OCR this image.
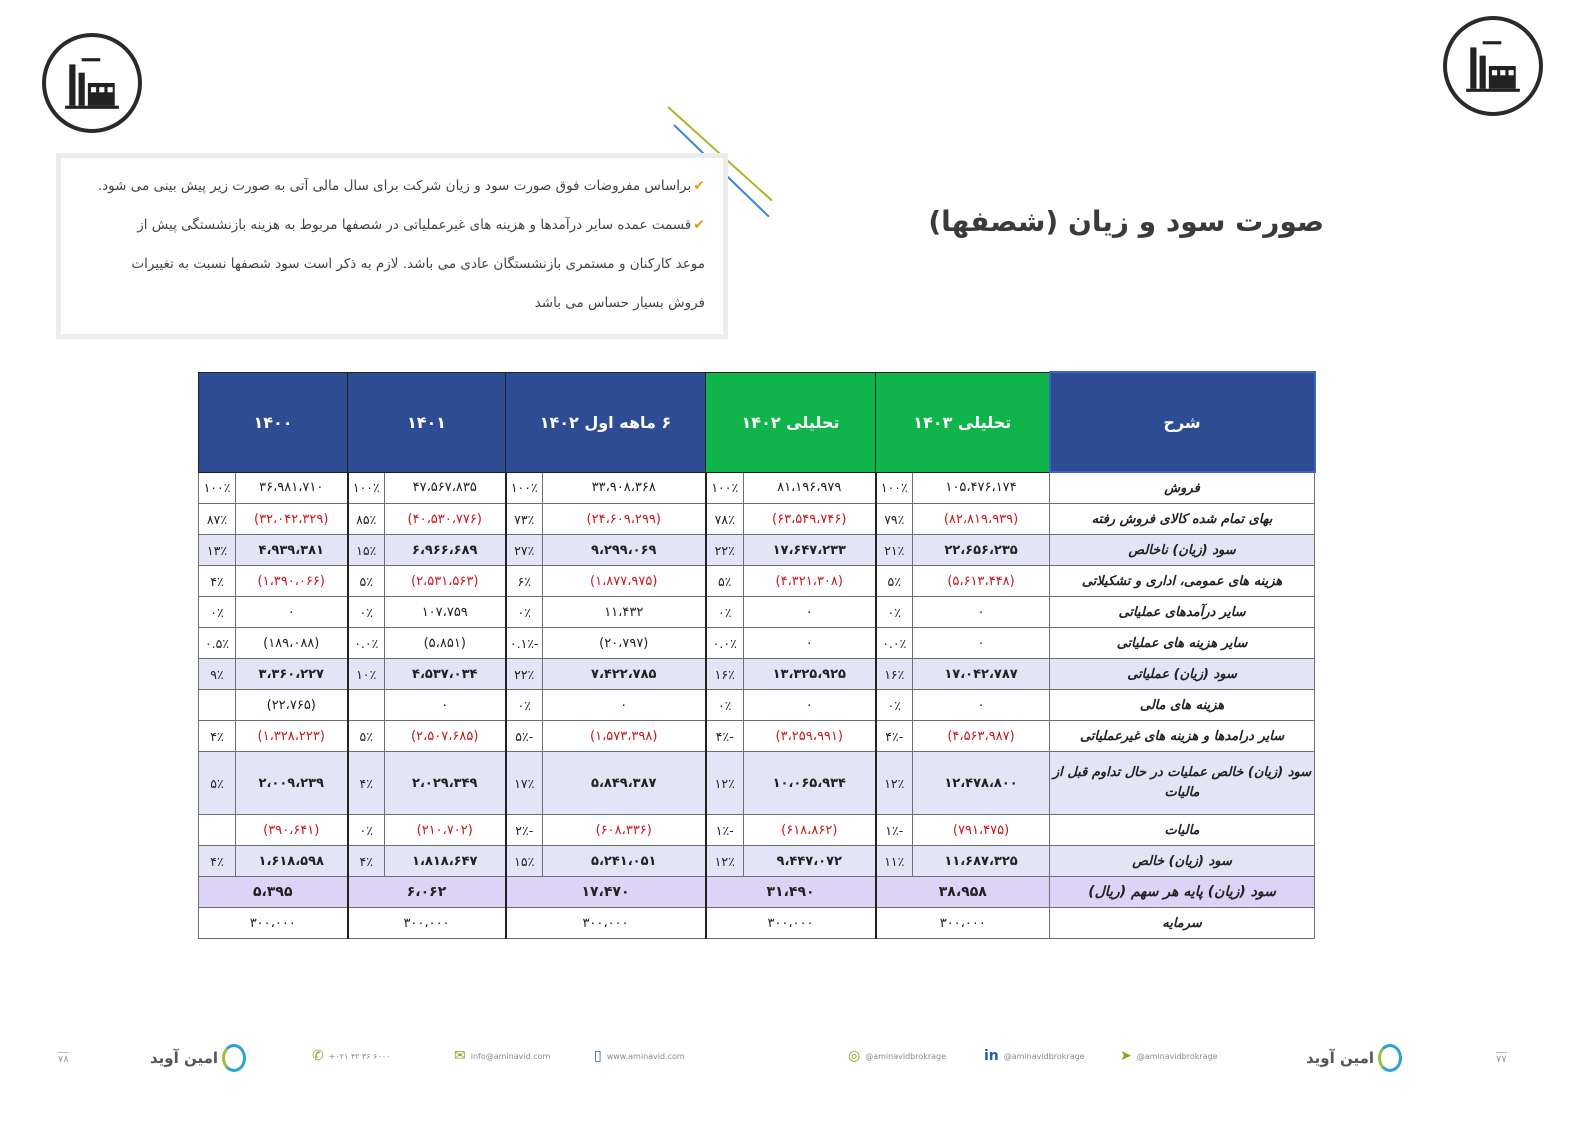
✔براساس مفروضات فوق صورت سود و زیان شرکت برای سال مالی آتی به صورت زیر پیش بینی می شود.
✔قسمت عمده سایر درآمدها و هزینه های غیرعملیاتی در شصفها مربوط به هزینه بازنشستگی پیش از
موعد کارکنان و مستمری بازنشستگان عادی می باشد. لازم به ذکر است سود شصفها نسبت به تغییرات
فروش بسیار حساس می باشد
صورت سود و زیان (شصفها)
شرح	تحلیلی ۱۴۰۳		تحلیلی ۱۴۰۲		۶ ماهه اول ۱۴۰۲		۱۴۰۱		۱۴۰۰	
فروش	۱۰۵،۴۷۶،۱۷۴	۱۰۰٪	۸۱،۱۹۶،۹۷۹	۱۰۰٪	۳۳،۹۰۸،۳۶۸	۱۰۰٪	۴۷،۵۶۷،۸۳۵	۱۰۰٪	۳۶،۹۸۱،۷۱۰	۱۰۰٪
بهای تمام شده کالای فروش رفته	(۸۲،۸۱۹،۹۳۹)	۷۹٪	(۶۳،۵۴۹،۷۴۶)	۷۸٪	(۲۴،۶۰۹،۲۹۹)	۷۳٪	(۴۰،۵۳۰،۷۷۶)	۸۵٪	(۳۲،۰۴۲،۳۲۹)	۸۷٪
سود (زیان) ناخالص	۲۲،۶۵۶،۲۳۵	۲۱٪	۱۷،۶۴۷،۲۳۳	۲۲٪	۹،۲۹۹،۰۶۹	۲۷٪	۶،۹۶۶،۶۸۹	۱۵٪	۴،۹۳۹،۳۸۱	۱۳٪
هزینه های عمومی، اداری و تشکیلاتی	(۵،۶۱۳،۴۴۸)	۵٪	(۴،۳۲۱،۳۰۸)	۵٪	(۱،۸۷۷،۹۷۵)	۶٪	(۲،۵۳۱،۵۶۳)	۵٪	(۱،۳۹۰،۰۶۶)	۴٪
سایر درآمدهای عملیاتی	۰	۰٪	۰	۰٪	۱۱،۴۳۲	۰٪	۱۰۷،۷۵۹	۰٪	۰	۰٪
سایر هزینه های عملیاتی	۰	۰.۰٪	۰	۰.۰٪	(۲۰،۷۹۷)	-۰.۱٪	(۵،۸۵۱)	۰.۰٪	(۱۸۹،۰۸۸)	۰.۵٪
سود (زیان) عملیاتی	۱۷،۰۴۲،۷۸۷	۱۶٪	۱۳،۳۲۵،۹۲۵	۱۶٪	۷،۴۲۲،۷۸۵	۲۲٪	۴،۵۳۷،۰۳۴	۱۰٪	۳،۳۶۰،۲۲۷	۹٪
هزینه های مالی	۰	۰٪	۰	۰٪	۰	۰٪	۰		(۲۲،۷۶۵)	
سایر درامدها و هزینه های غیرعملیاتی	(۴،۵۶۳،۹۸۷)	-۴٪	(۳،۲۵۹،۹۹۱)	-۴٪	(۱،۵۷۳،۳۹۸)	-۵٪	(۲،۵۰۷،۶۸۵)	۵٪	(۱،۳۲۸،۲۲۳)	۴٪
سود (زیان) خالص عملیات در حال تداوم قبل از مالیات	۱۲،۴۷۸،۸۰۰	۱۲٪	۱۰،۰۶۵،۹۳۴	۱۲٪	۵،۸۴۹،۳۸۷	۱۷٪	۲،۰۲۹،۳۴۹	۴٪	۲،۰۰۹،۲۳۹	۵٪
مالیات	(۷۹۱،۴۷۵)	-۱٪	(۶۱۸،۸۶۲)	-۱٪	(۶۰۸،۳۳۶)	-۲٪	(۲۱۰،۷۰۲)	۰٪	(۳۹۰،۶۴۱)	
سود (زیان) خالص	۱۱،۶۸۷،۳۲۵	۱۱٪	۹،۴۴۷،۰۷۲	۱۲٪	۵،۲۴۱،۰۵۱	۱۵٪	۱،۸۱۸،۶۴۷	۴٪	۱،۶۱۸،۵۹۸	۴٪
سود (زیان) پایه هر سهم (ریال)	۳۸،۹۵۸		۳۱،۴۹۰		۱۷،۴۷۰		۶،۰۶۲		۵،۳۹۵	
سرمایه	۳۰۰،۰۰۰		۳۰۰،۰۰۰		۳۰۰،۰۰۰		۳۰۰،۰۰۰		۳۰۰،۰۰۰	
۷۸	امین آوید	✆ +۰۲۱ ۴۲ ۳۶ ۶۰۰۰	✉ info@aminavid.com	▯ www.aminavid.com	◎ @aminavidbrokrage	in @aminavidbrokrage	➤ @aminavidbrokrage	امین آوید	۷۷
